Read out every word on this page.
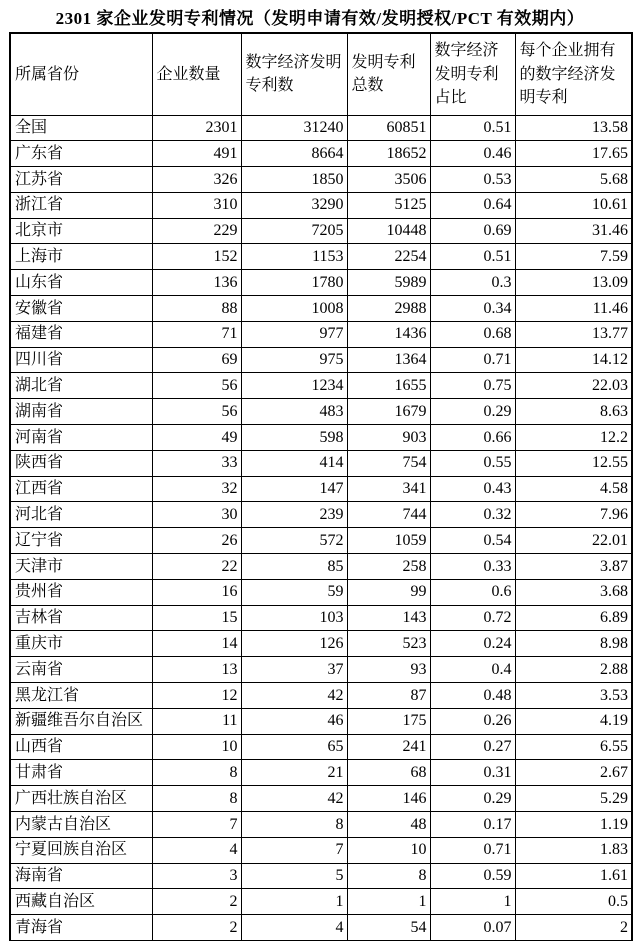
2301 家企业发明专利情况（发明申请有效/发明授权/PCT 有效期内）
所属省份	企业数量	数字经济发明专利数	发明专利总数	数字经济发明专利占比	每个企业拥有的数字经济发明专利
全国	2301	31240	60851	0.51	13.58
广东省	491	8664	18652	0.46	17.65
江苏省	326	1850	3506	0.53	5.68
浙江省	310	3290	5125	0.64	10.61
北京市	229	7205	10448	0.69	31.46
上海市	152	1153	2254	0.51	7.59
山东省	136	1780	5989	0.3	13.09
安徽省	88	1008	2988	0.34	11.46
福建省	71	977	1436	0.68	13.77
四川省	69	975	1364	0.71	14.12
湖北省	56	1234	1655	0.75	22.03
湖南省	56	483	1679	0.29	8.63
河南省	49	598	903	0.66	12.2
陕西省	33	414	754	0.55	12.55
江西省	32	147	341	0.43	4.58
河北省	30	239	744	0.32	7.96
辽宁省	26	572	1059	0.54	22.01
天津市	22	85	258	0.33	3.87
贵州省	16	59	99	0.6	3.68
吉林省	15	103	143	0.72	6.89
重庆市	14	126	523	0.24	8.98
云南省	13	37	93	0.4	2.88
黑龙江省	12	42	87	0.48	3.53
新疆维吾尔自治区	11	46	175	0.26	4.19
山西省	10	65	241	0.27	6.55
甘肃省	8	21	68	0.31	2.67
广西壮族自治区	8	42	146	0.29	5.29
内蒙古自治区	7	8	48	0.17	1.19
宁夏回族自治区	4	7	10	0.71	1.83
海南省	3	5	8	0.59	1.61
西藏自治区	2	1	1	1	0.5
青海省	2	4	54	0.07	2
